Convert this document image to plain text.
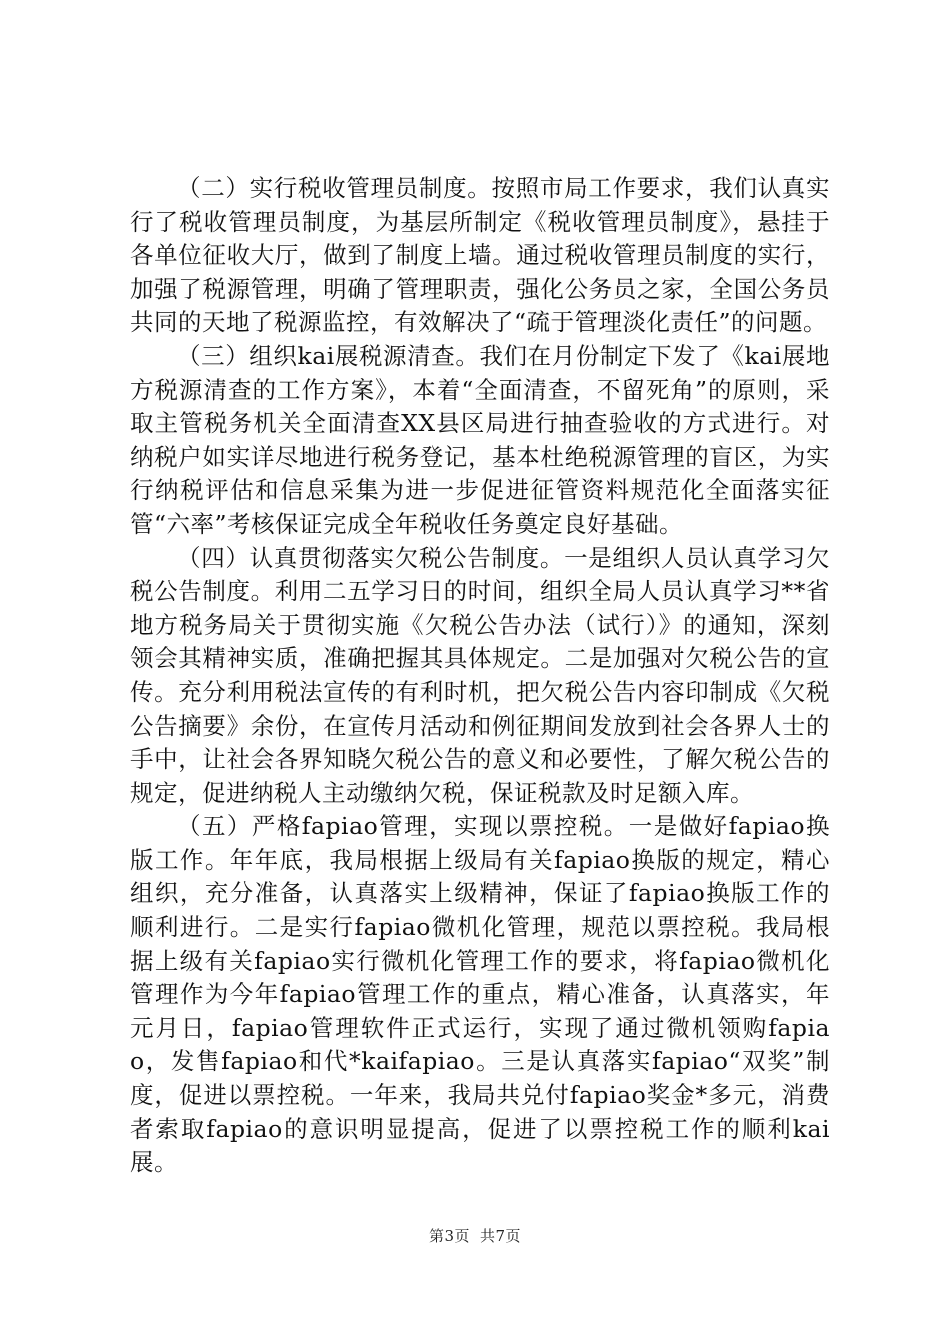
（二）实行税收管理员制度。按照市局工作要求，我们认真实行了税收管理员制度，为基层所制定《税收管理员制度》，悬挂于各单位征收大厅，做到了制度上墙。通过税收管理员制度的实行，加强了税源管理，明确了管理职责，强化公务员之家，全国公务员共同的天地了税源监控，有效解决了“疏于管理淡化责任”的问题。

（三）组织kai展税源清查。我们在月份制定下发了《kai展地方税源清查的工作方案》，本着“全面清查，不留死角”的原则，采取主管税务机关全面清查XX县区局进行抽查验收的方式进行。对纳税户如实详尽地进行税务登记，基本杜绝税源管理的盲区，为实行纳税评估和信息采集为进一步促进征管资料规范化全面落实征管“六率”考核保证完成全年税收任务奠定良好基础。

（四）认真贯彻落实欠税公告制度。一是组织人员认真学习欠税公告制度。利用二五学习日的时间，组织全局人员认真学习**省地方税务局关于贯彻实施《欠税公告办法（试行）》的通知，深刻领会其精神实质，准确把握其具体规定。二是加强对欠税公告的宣传。充分利用税法宣传的有利时机，把欠税公告内容印制成《欠税公告摘要》余份，在宣传月活动和例征期间发放到社会各界人士的手中，让社会各界知晓欠税公告的意义和必要性，了解欠税公告的规定，促进纳税人主动缴纳欠税，保证税款及时足额入库。

（五）严格fapiao管理，实现以票控税。一是做好fapiao换版工作。年年底，我局根据上级局有关fapiao换版的规定，精心组织，充分准备，认真落实上级精神，保证了fapiao换版工作的顺利进行。二是实行fapiao微机化管理，规范以票控税。我局根据上级有关fapiao实行微机化管理工作的要求，将fapiao微机化管理作为今年fapiao管理工作的重点，精心准备，认真落实，年元月日，fapiao管理软件正式运行，实现了通过微机领购fapiao，发售fapiao和代*kaifapiao。三是认真落实fapiao“双奖”制度，促进以票控税。一年来，我局共兑付fapiao奖金*多元，消费者索取fapiao的意识明显提高，促进了以票控税工作的顺利kai展。

第3页 共7页
